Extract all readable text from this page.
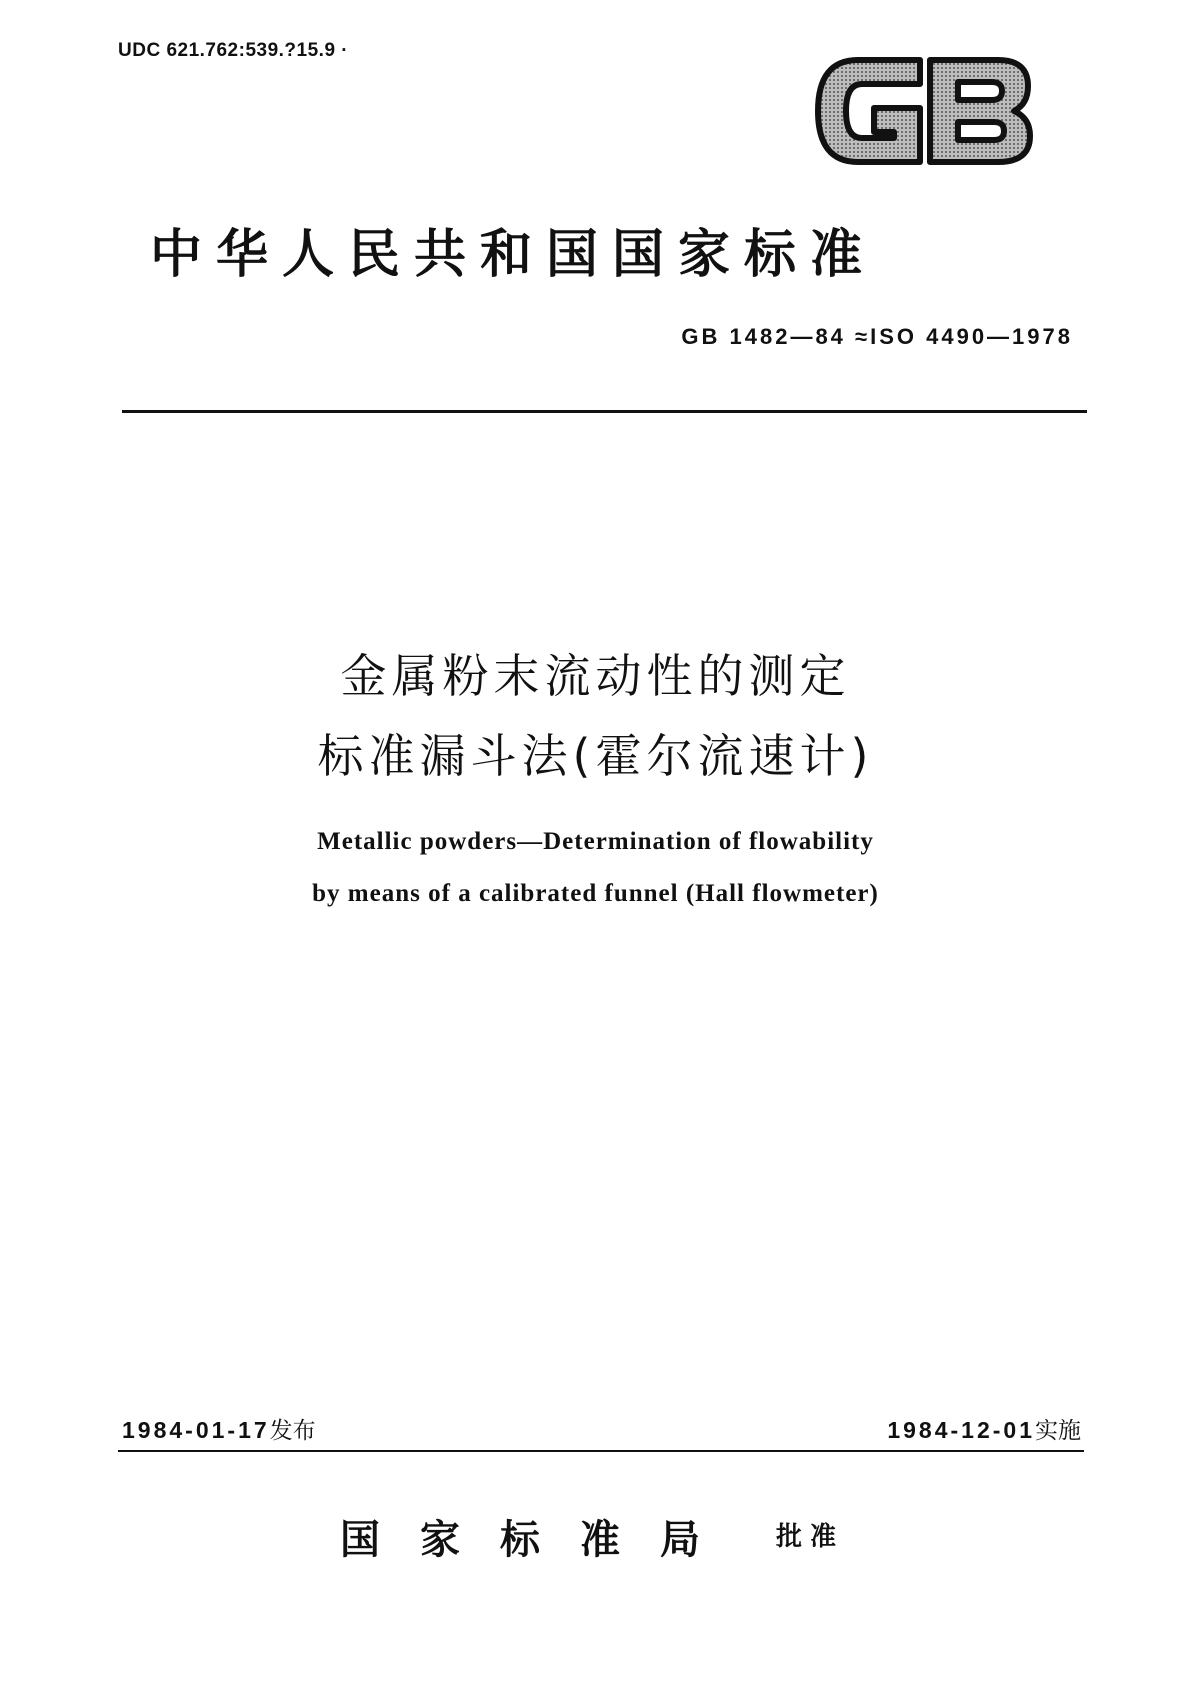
UDC 621.762:539.?15.9 ·
中华人民共和国国家标准
GB 1482—84 ≈ISO 4490—1978
金属粉末流动性的测定
标准漏斗法(霍尔流速计)
Metallic powders—Determination of flowability
by means of a calibrated funnel (Hall flowmeter)
1984-01-17发布	1984-12-01实施
国家标准局 批准
